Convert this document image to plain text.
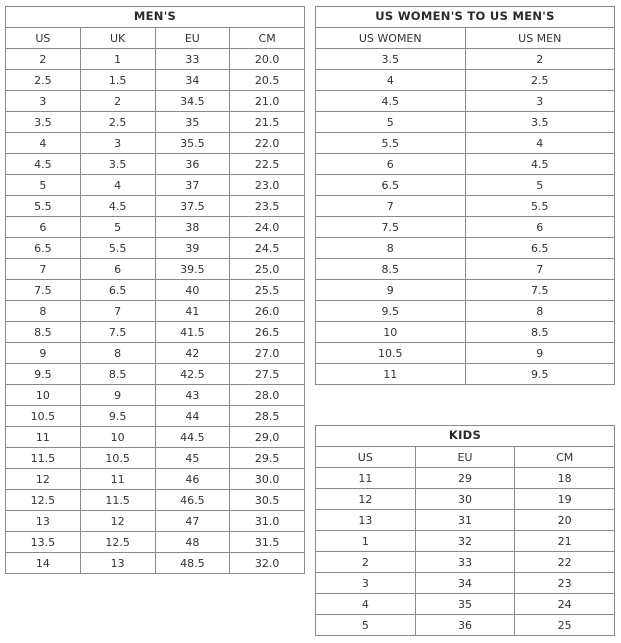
MEN'S			
US	UK	EU	CM
2	1	33	20.0
2.5	1.5	34	20.5
3	2	34.5	21.0
3.5	2.5	35	21.5
4	3	35.5	22.0
4.5	3.5	36	22.5
5	4	37	23.0
5.5	4.5	37.5	23.5
6	5	38	24.0
6.5	5.5	39	24.5
7	6	39.5	25.0
7.5	6.5	40	25.5
8	7	41	26.0
8.5	7.5	41.5	26.5
9	8	42	27.0
9.5	8.5	42.5	27.5
10	9	43	28.0
10.5	9.5	44	28.5
11	10	44.5	29.0
11.5	10.5	45	29.5
12	11	46	30.0
12.5	11.5	46.5	30.5
13	12	47	31.0
13.5	12.5	48	31.5
14	13	48.5	32.0
US WOMEN'S TO US MEN'S	
US WOMEN	US MEN
3.5	2
4	2.5
4.5	3
5	3.5
5.5	4
6	4.5
6.5	5
7	5.5
7.5	6
8	6.5
8.5	7
9	7.5
9.5	8
10	8.5
10.5	9
11	9.5
KIDS		
US	EU	CM
11	29	18
12	30	19
13	31	20
1	32	21
2	33	22
3	34	23
4	35	24
5	36	25
